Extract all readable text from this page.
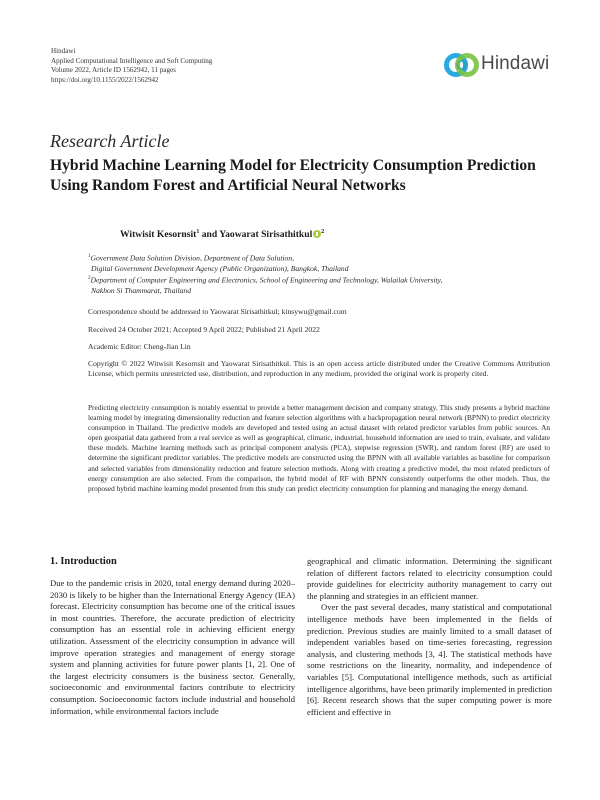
Hindawi
Applied Computational Intelligence and Soft Computing
Volume 2022, Article ID 1562942, 11 pages
https://doi.org/10.1155/2022/1562942
Hindawi
Research Article
Hybrid Machine Learning Model for Electricity Consumption Prediction Using Random Forest and Artificial Neural Networks
Witwisit Kesornsit$^1$ and Yaowarat Sirisathitkul $^2$
$^1$Government Data Solution Division, Department of Data Solution,
Digital Government Development Agency (Public Organization), Bangkok, Thailand
$^2$Department of Computer Engineering and Electronics, School of Engineering and Technology, Walailak University,
Nakhon Si Thammarat, Thailand
Correspondence should be addressed to Yaowarat Sirisathitkul; kinsywu@gmail.com
Received 24 October 2021; Accepted 9 April 2022; Published 21 April 2022
Academic Editor: Cheng-Jian Lin
Copyright © 2022 Witwisit Kesornsit and Yaowarat Sirisathitkul. This is an open access article distributed under the Creative Commons Attribution License, which permits unrestricted use, distribution, and reproduction in any medium, provided the original work is properly cited.
Predicting electricity consumption is notably essential to provide a better management decision and company strategy. This study presents a hybrid machine learning model by integrating dimensionality reduction and feature selection algorithms with a backpropagation neural network (BPNN) to predict electricity consumption in Thailand. The predictive models are developed and tested using an actual dataset with related predictor variables from public sources. An open geospatial data gathered from a real service as well as geographical, climatic, industrial, household information are used to train, evaluate, and validate these models. Machine learning methods such as principal component analysis (PCA), stepwise regression (SWR), and random forest (RF) are used to determine the significant predictor variables. The predictive models are constructed using the BPNN with all available variables as baseline for comparison and selected variables from dimensionality reduction and feature selection methods. Along with creating a predictive model, the most related predictors of energy consumption are also selected. From the comparison, the hybrid model of RF with BPNN consistently outperforms the other models. Thus, the proposed hybrid machine learning model presented from this study can predict electricity consumption for planning and managing the energy demand.
1. Introduction
Due to the pandemic crisis in 2020, total energy demand during 2020–2030 is likely to be higher than the International Energy Agency (IEA) forecast. Electricity consumption has become one of the critical issues in most countries. Therefore, the accurate prediction of electricity consumption has an essential role in achieving efficient energy utilization. Assessment of the electricity consumption in advance will improve operation strategies and management of energy storage system and planning activities for future power plants [1, 2]. One of the largest electricity consumers is the business sector. Generally, socioeconomic and environmental factors contribute to electricity consumption. Socioeconomic factors include industrial and household information, while environmental factors include
geographical and climatic information. Determining the significant relation of different factors related to electricity consumption could provide guidelines for electricity authority management to carry out the planning and strategies in an efficient manner.
Over the past several decades, many statistical and computational intelligence methods have been implemented in the fields of prediction. Previous studies are mainly limited to a small dataset of independent variables based on time-series forecasting, regression analysis, and clustering methods [3, 4]. The statistical methods have some restrictions on the linearity, normality, and independence of variables [5]. Computational intelligence methods, such as artificial intelligence algorithms, have been primarily implemented in prediction [6]. Recent research shows that the super computing power is more efficient and effective in
